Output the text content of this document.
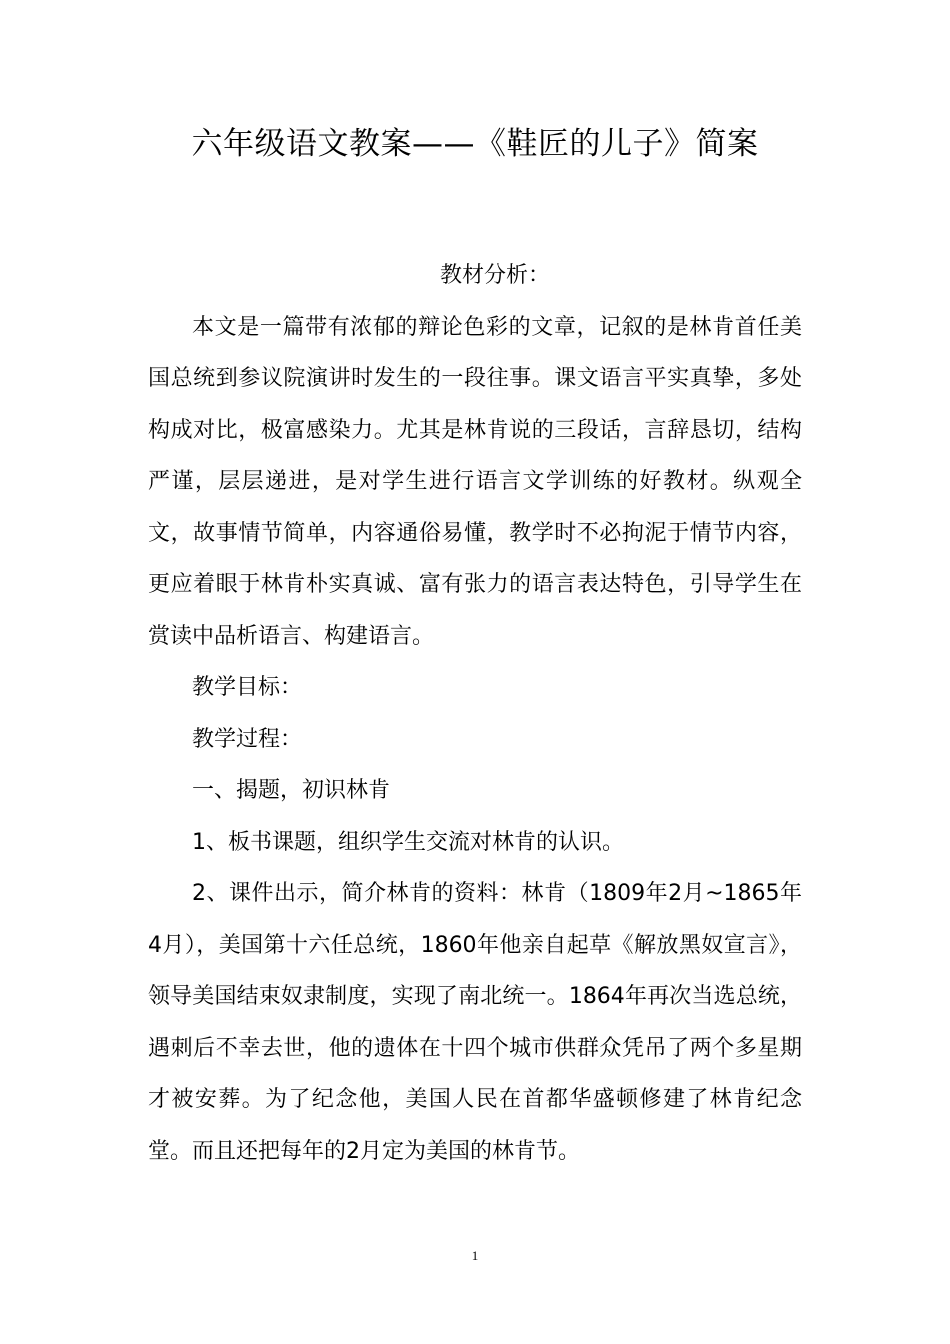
六年级语文教案——《鞋匠的儿子》简案
教材分析：

本文是一篇带有浓郁的辩论色彩的文章，记叙的是林肯首任美国总统到参议院演讲时发生的一段往事。课文语言平实真挚，多处构成对比，极富感染力。尤其是林肯说的三段话，言辞恳切，结构严谨，层层递进，是对学生进行语言文学训练的好教材。纵观全文，故事情节简单，内容通俗易懂，教学时不必拘泥于情节内容，更应着眼于林肯朴实真诚、富有张力的语言表达特色，引导学生在赏读中品析语言、构建语言。

教学目标：

教学过程：

一、揭题，初识林肯

1、板书课题，组织学生交流对林肯的认识。

2、课件出示，简介林肯的资料：林肯（1809年2月~1865年4月），美国第十六任总统，1860年他亲自起草《解放黑奴宣言》，领导美国结束奴隶制度，实现了南北统一。1864年再次当选总统，遇刺后不幸去世，他的遗体在十四个城市供群众凭吊了两个多星期才被安葬。为了纪念他，美国人民在首都华盛顿修建了林肯纪念堂。而且还把每年的2月定为美国的林肯节。

1
